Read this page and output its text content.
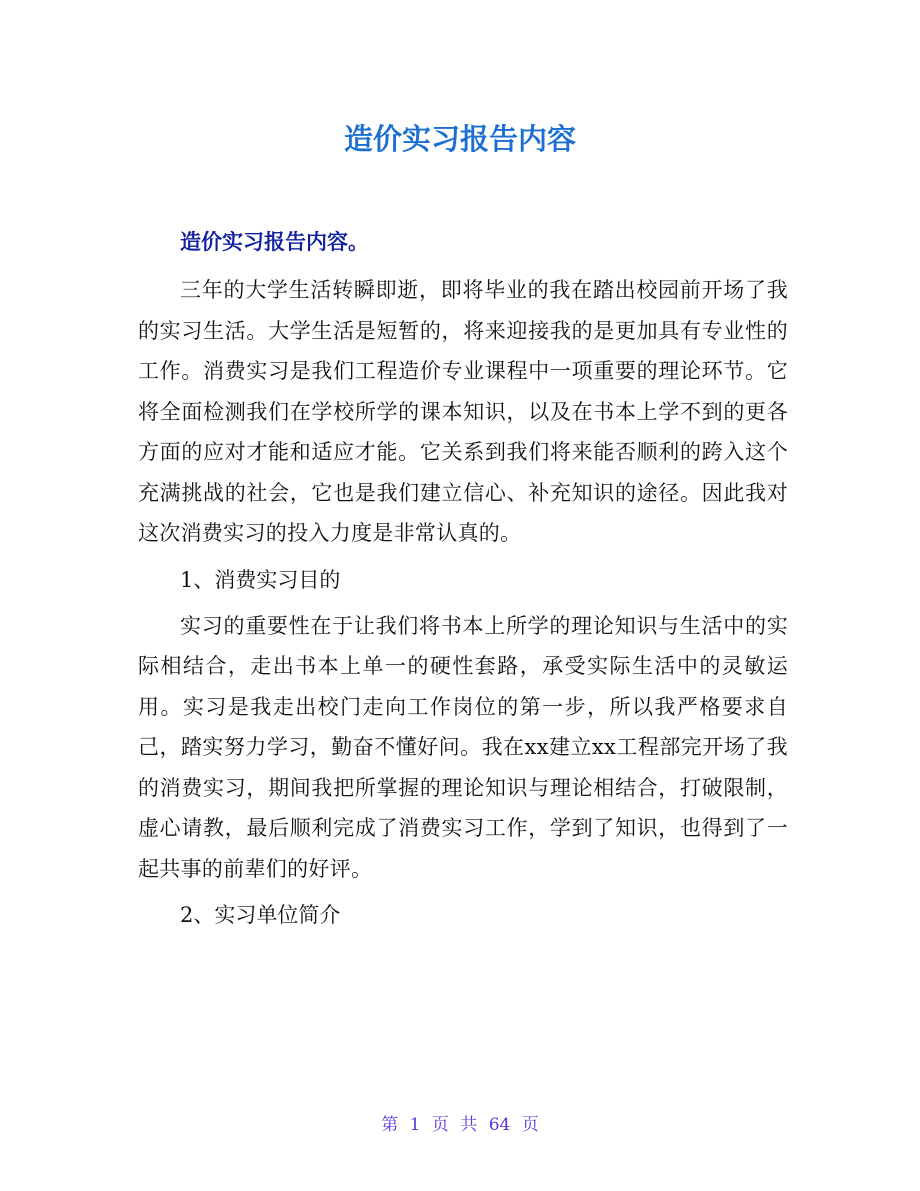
造价实习报告内容

造价实习报告内容。

三年的大学生活转瞬即逝，即将毕业的我在踏出校园前开场了我的实习生活。大学生活是短暂的，将来迎接我的是更加具有专业性的工作。消费实习是我们工程造价专业课程中一项重要的理论环节。它将全面检测我们在学校所学的课本知识，以及在书本上学不到的更各方面的应对才能和适应才能。它关系到我们将来能否顺利的跨入这个充满挑战的社会，它也是我们建立信心、补充知识的途径。因此我对这次消费实习的投入力度是非常认真的。

1、消费实习目的

实习的重要性在于让我们将书本上所学的理论知识与生活中的实际相结合，走出书本上单一的硬性套路，承受实际生活中的灵敏运用。实习是我走出校门走向工作岗位的第一步，所以我严格要求自己，踏实努力学习，勤奋不懂好问。我在xx建立xx工程部完开场了我的消费实习，期间我把所掌握的理论知识与理论相结合，打破限制，虚心请教，最后顺利完成了消费实习工作，学到了知识，也得到了一起共事的前辈们的好评。

2、实习单位简介

第 1 页 共 64 页
